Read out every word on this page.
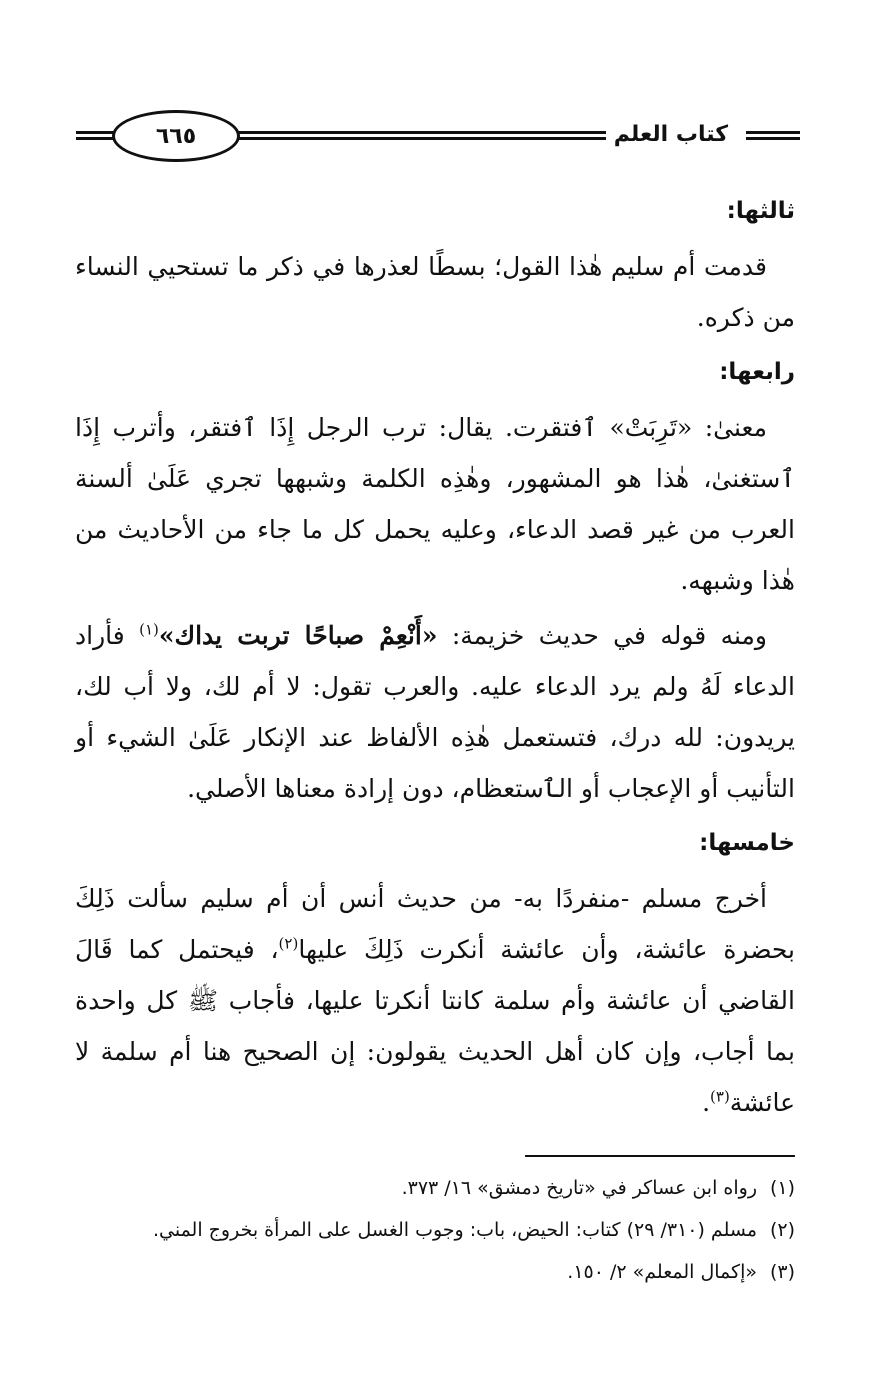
٦٦٥	كتاب العلم

ثالثها:

قدمت أم سليم هٰذا القول؛ بسطًا لعذرها في ذكر ما تستحيي النساء من ذكره.

رابعها:

معنىٰ: «تَرِبَتْ» ٱفتقرت. يقال: ترب الرجل إِذَا ٱفتقر، وأترب إِذَا ٱستغنىٰ، هٰذا هو المشهور، وهٰذِه الكلمة وشبهها تجري عَلَىٰ ألسنة العرب من غير قصد الدعاء، وعليه يحمل كل ما جاء من الأحاديث من هٰذا وشبهه.

ومنه قوله في حديث خزيمة: «أَنْعِمْ صباحًا تربت يداك»$^{(١)}$ فأراد الدعاء لَهُ ولم يرد الدعاء عليه. والعرب تقول: لا أم لك، ولا أب لك، يريدون: لله درك، فتستعمل هٰذِه الألفاظ عند الإنكار عَلَىٰ الشيء أو التأنيب أو الإعجاب أو الٱستعظام، دون إرادة معناها الأصلي.

خامسها:

أخرج مسلم -منفردًا به- من حديث أنس أن أم سليم سألت ذَلِكَ بحضرة عائشة، وأن عائشة أنكرت ذَلِكَ عليها$^{(٢)}$، فيحتمل كما قَالَ القاضي أن عائشة وأم سلمة كانتا أنكرتا عليها، فأجاب ﷺ كل واحدة بما أجاب، وإن كان أهل الحديث يقولون: إن الصحيح هنا أم سلمة لا عائشة$^{(٣)}$.

(١)
رواه ابن عساكر في «تاريخ دمشق» ١٦/ ٣٧٣.
(٢)
مسلم (٣١٠/ ٢٩) كتاب: الحيض، باب: وجوب الغسل على المرأة بخروج المني.
(٣)
«إكمال المعلم» ٢/ ١٥٠.
